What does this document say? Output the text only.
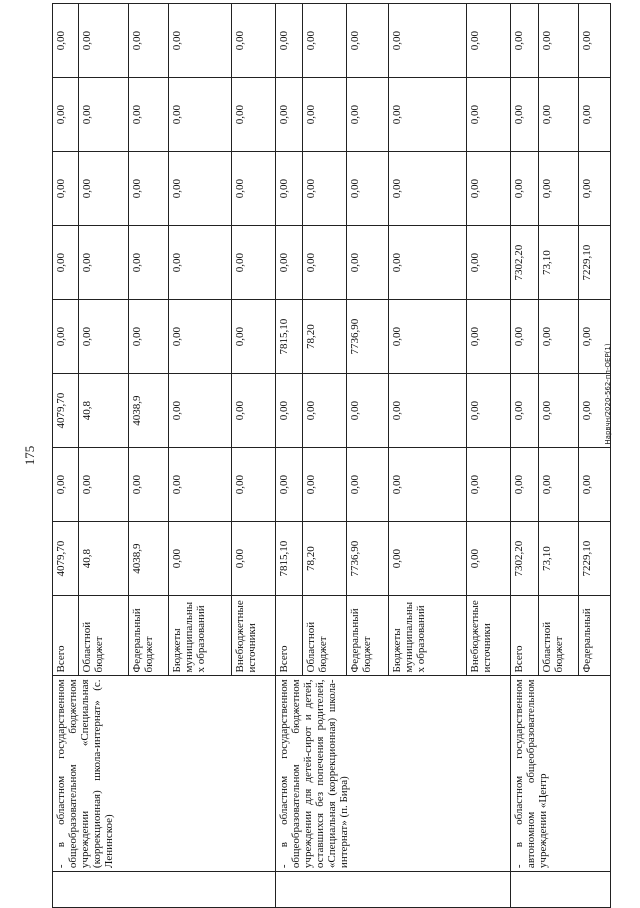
175
	- в областном государственном общеобразовательном бюджетном учреждении «Специальная (коррекционная) школа-интернат» (с. Ленинское)	Всего	4079,70	0,00	4079,70	0,00	0,00	0,00	0,00	0,00
		Областной бюджет	40,8	0,00	40,8	0,00	0,00	0,00	0,00	0,00
		Федеральный бюджет	4038,9	0,00	4038,9	0,00	0,00	0,00	0,00	0,00
		Бюджеты муниципальны х образований	0,00	0,00	0,00	0,00	0,00	0,00	0,00	0,00
		Внебюджетные источники	0,00	0,00	0,00	0,00	0,00	0,00	0,00	0,00
	- в областном государственном общеобразовательном бюджетном учреждении для детей-сирот и детей, оставшихся без попечения родителей, «Специальная (коррекционная) школа-интернат» (п. Бира)	Всего	7815,10	0,00	0,00	7815,10	0,00	0,00	0,00	0,00
		Областной бюджет	78,20	0,00	0,00	78,20	0,00	0,00	0,00	0,00
		Федеральный бюджет	7736,90	0,00	0,00	7736,90	0,00	0,00	0,00	0,00
		Бюджеты муниципальны х образований	0,00	0,00	0,00	0,00	0,00	0,00	0,00	0,00
		Внебюджетные источники	0,00	0,00	0,00	0,00	0,00	0,00	0,00	0,00
	- в областном государственном автономном общеобразовательном учреждении «Центр	Всего	7302,20	0,00	0,00	0,00	7302,20	0,00	0,00	0,00
		Областной бюджет	73,10	0,00	0,00	0,00	73,10	0,00	0,00	0,00
		Федеральный	7229,10	0,00	0,00	0,00	7229,10	0,00	0,00	0,00
Нарвчн/2020-562-пп-ОЕР(1)
